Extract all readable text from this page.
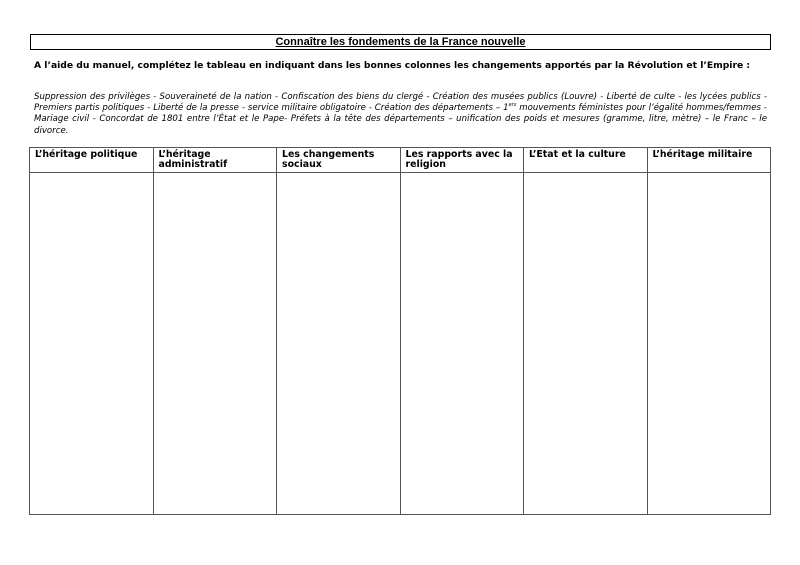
Connaître les fondements de la France nouvelle
A l’aide du manuel, complétez le tableau en indiquant dans les bonnes colonnes les changements apportés par la Révolution et l’Empire :
Suppression des privilèges - Souveraineté de la nation - Confiscation des biens du clergé - Création des musées publics (Louvre) - Liberté de culte - les lycées publics - Premiers partis politiques - Liberté de la presse - service militaire obligatoire - Création des départements – 1ers mouvements féministes pour l’égalité hommes/femmes - Mariage civil - Concordat de 1801 entre l’État et le Pape- Préfets à la tête des départements – unification des poids et mesures (gramme, litre, mètre) – le Franc – le divorce.
L’héritage politique	L’héritage administratif	Les changements sociaux	Les rapports avec la religion	L’Etat et la culture	L’héritage militaire
